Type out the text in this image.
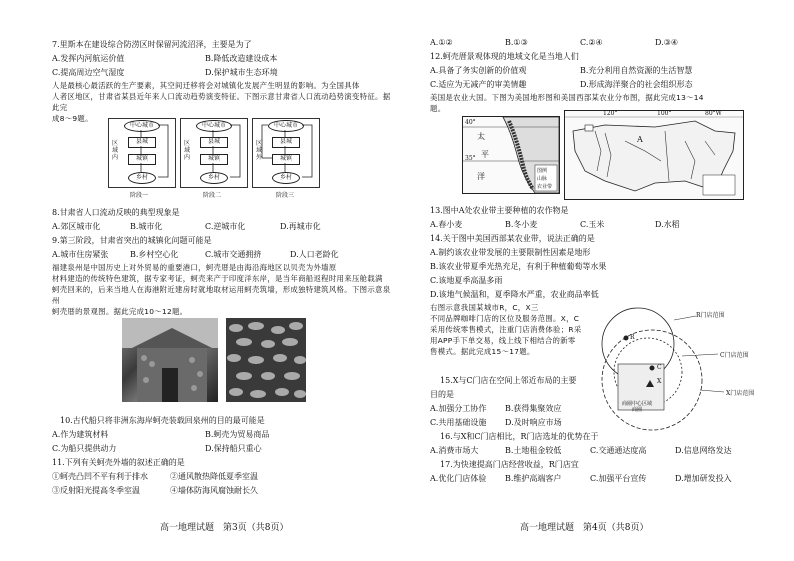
7.里斯本在建设综合防涝区时保留河流沼泽，主要是为了
A.发挥内河航运价值	B.降低改造建设成本
C.提高周边空气湿度	D.保护城市生态环境
人是最核心最活跃的生产要素，其空间迁移将会对城镇化发展产生明显的影响。为全国具体
人者区地区，甘肃省某县近年来人口流动趋势演变特征。下图示意甘肃省人口流动趋势演变特征。据此完
成8～9题。
中心城市
县城
城镇
乡村
区域内
阶段一
中心城市
县城
城镇
乡村
区域内
阶段二
中心城市
县城
城镇
乡村
区域外
阶段三
8.甘肃省人口流动反映的典型现象是
A.郊区城市化	B.城市化	C.逆城市化	D.再城市化
9.第三阶段，甘肃省突出的城镇化问题可能是
A.城市住房紧张	B.乡村空心化	C.城市交通拥挤	D.人口老龄化
福建泉州是中国历史上对外贸易的重要港口，蚵壳厝是由海沿海地区以贝壳为外墙原
材料建造的传统特色建筑，据专家考证，蚵壳来产于印度洋东岸，是当年商船返程时用来压舱载满
蚵壳回来的，后来当地人在海港附近建房时就地取材运用蚵壳筑墙，形成独特建筑风格。下图示意泉州
蚵壳厝的景观图。据此完成10～12题。
10.古代船只将非洲东海岸蚵壳装载回泉州的目的最可能是
A.作为建筑材料	B.蚵壳为贸易商品
C.为船只提供动力	D.保持船只重心
11.下列有关蚵壳外墙的叙述正确的是
①蚵壳凸凹不平有利于排水	②通风散热降低夏季室温
③反射阳光提高冬季室温	④墙体防海风腐蚀耐长久
高一地理试题　第3页（共8页）
A.①②	B.①③	C.②④	D.③④
12.蚵壳厝景观体现的地域文化是当地人们
A.具备了务实创新的价值观	B.充分利用自然资源的生活智慧
C.适应为无减产的审美情趣	D.形成海洋聚合的社会组织形态
美国是农业大国。下图为美国地形图和美国西部某农业分布图，据此完成13～14
题。
40°
35°
太
平
洋
图例
山脉
农业带
120°	100°	80°W
A
13.图中A处农业带主要种植的农作物是
A.春小麦	B.冬小麦	C.玉米	D.水稻
14.关于图中美国西部某农业带，说法正确的是
A.制约该农业带发展的主要限制性因素是地形
B.该农业带夏季光热充足，有利于种植葡萄等水果
C.该地夏季高温多雨
D.该地气候温和，夏季降水严重，农业商品率低
右图示意我国某城市R，C，X三
不同品牌咖啡门店的区位及服务范围。X，C
采用传统零售模式，注重门店消费体验；R采
用APP手下单交易，线上线下相结合的新零
售模式。据此完成15～17题。
R门店范围
C门店范围
X门店范围
商圈中心区域
商圈
R
C
X
15.X与C门店在空间上邻近布局的主要
目的是
A.加强分工协作 B.获得集聚效应
C.共用基础设施 D.及时响应市场
16.与X和C门店相比，R门店选址的优势在于
A.消费市场大	B.土地租金较低	C.交通通达度高	D.信息网络发达
17.为快速提高门店经营收益，R门店宜
A.优化门店体验 B.维护高端客户	C.加强平台宣传	D.增加研发投入
高一地理试题　第4页（共8页）
